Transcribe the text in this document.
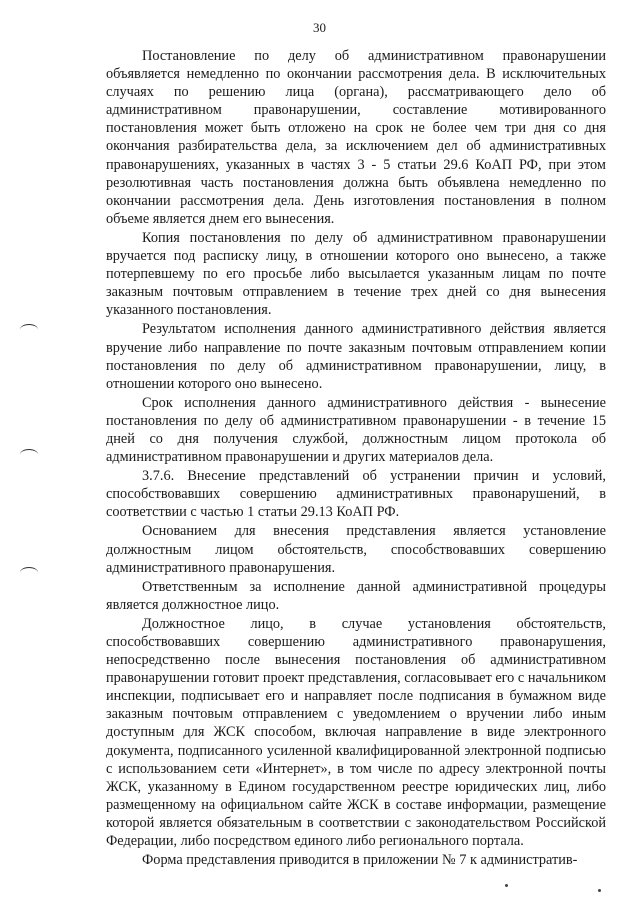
30

Постановление по делу об административном правонарушении объявляется немедленно по окончании рассмотрения дела. В исключительных случаях по решению лица (органа), рассматривающего дело об административном правонарушении, составление мотивированного постановления может быть отложено на срок не более чем три дня со дня окончания разбирательства дела, за исключением дел об административных правонарушениях, указанных в частях 3 - 5 статьи 29.6 КоАП РФ, при этом резолютивная часть постановления должна быть объявлена немедленно по окончании рассмотрения дела. День изготовления постановления в полном объеме является днем его вынесения.

Копия постановления по делу об административном правонарушении вручается под расписку лицу, в отношении которого оно вынесено, а также потерпевшему по его просьбе либо высылается указанным лицам по почте заказным почтовым отправлением в течение трех дней со дня вынесения указанного постановления.

Результатом исполнения данного административного действия является вручение либо направление по почте заказным почтовым отправлением копии постановления по делу об административном правонарушении, лицу, в отношении которого оно вынесено.

Срок исполнения данного административного действия - вынесение постановления по делу об административном правонарушении - в течение 15 дней со дня получения службой, должностным лицом протокола об административном правонарушении и других материалов дела.

3.7.6. Внесение представлений об устранении причин и условий, способствовавших совершению административных правонарушений, в соответствии с частью 1 статьи 29.13 КоАП РФ.

Основанием для внесения представления является установление должностным лицом обстоятельств, способствовавших совершению административного правонарушения.

Ответственным за исполнение данной административной процедуры является должностное лицо.

Должностное лицо, в случае установления обстоятельств, способствовавших совершению административного правонарушения, непосредственно после вынесения постановления об административном правонарушении готовит проект представления, согласовывает его с начальником инспекции, подписывает его и направляет после подписания в бумажном виде заказным почтовым отправлением с уведомлением о вручении либо иным доступным для ЖСК способом, включая направление в виде электронного документа, подписанного усиленной квалифицированной электронной подписью с использованием сети «Интернет», в том числе по адресу электронной почты ЖСК, указанному в Едином государственном реестре юридических лиц, либо размещенному на официальном сайте ЖСК в составе информации, размещение которой является обязательным в соответствии с законодательством Российской Федерации, либо посредством единого либо регионального портала.

Форма представления приводится в приложении № 7 к административ-
